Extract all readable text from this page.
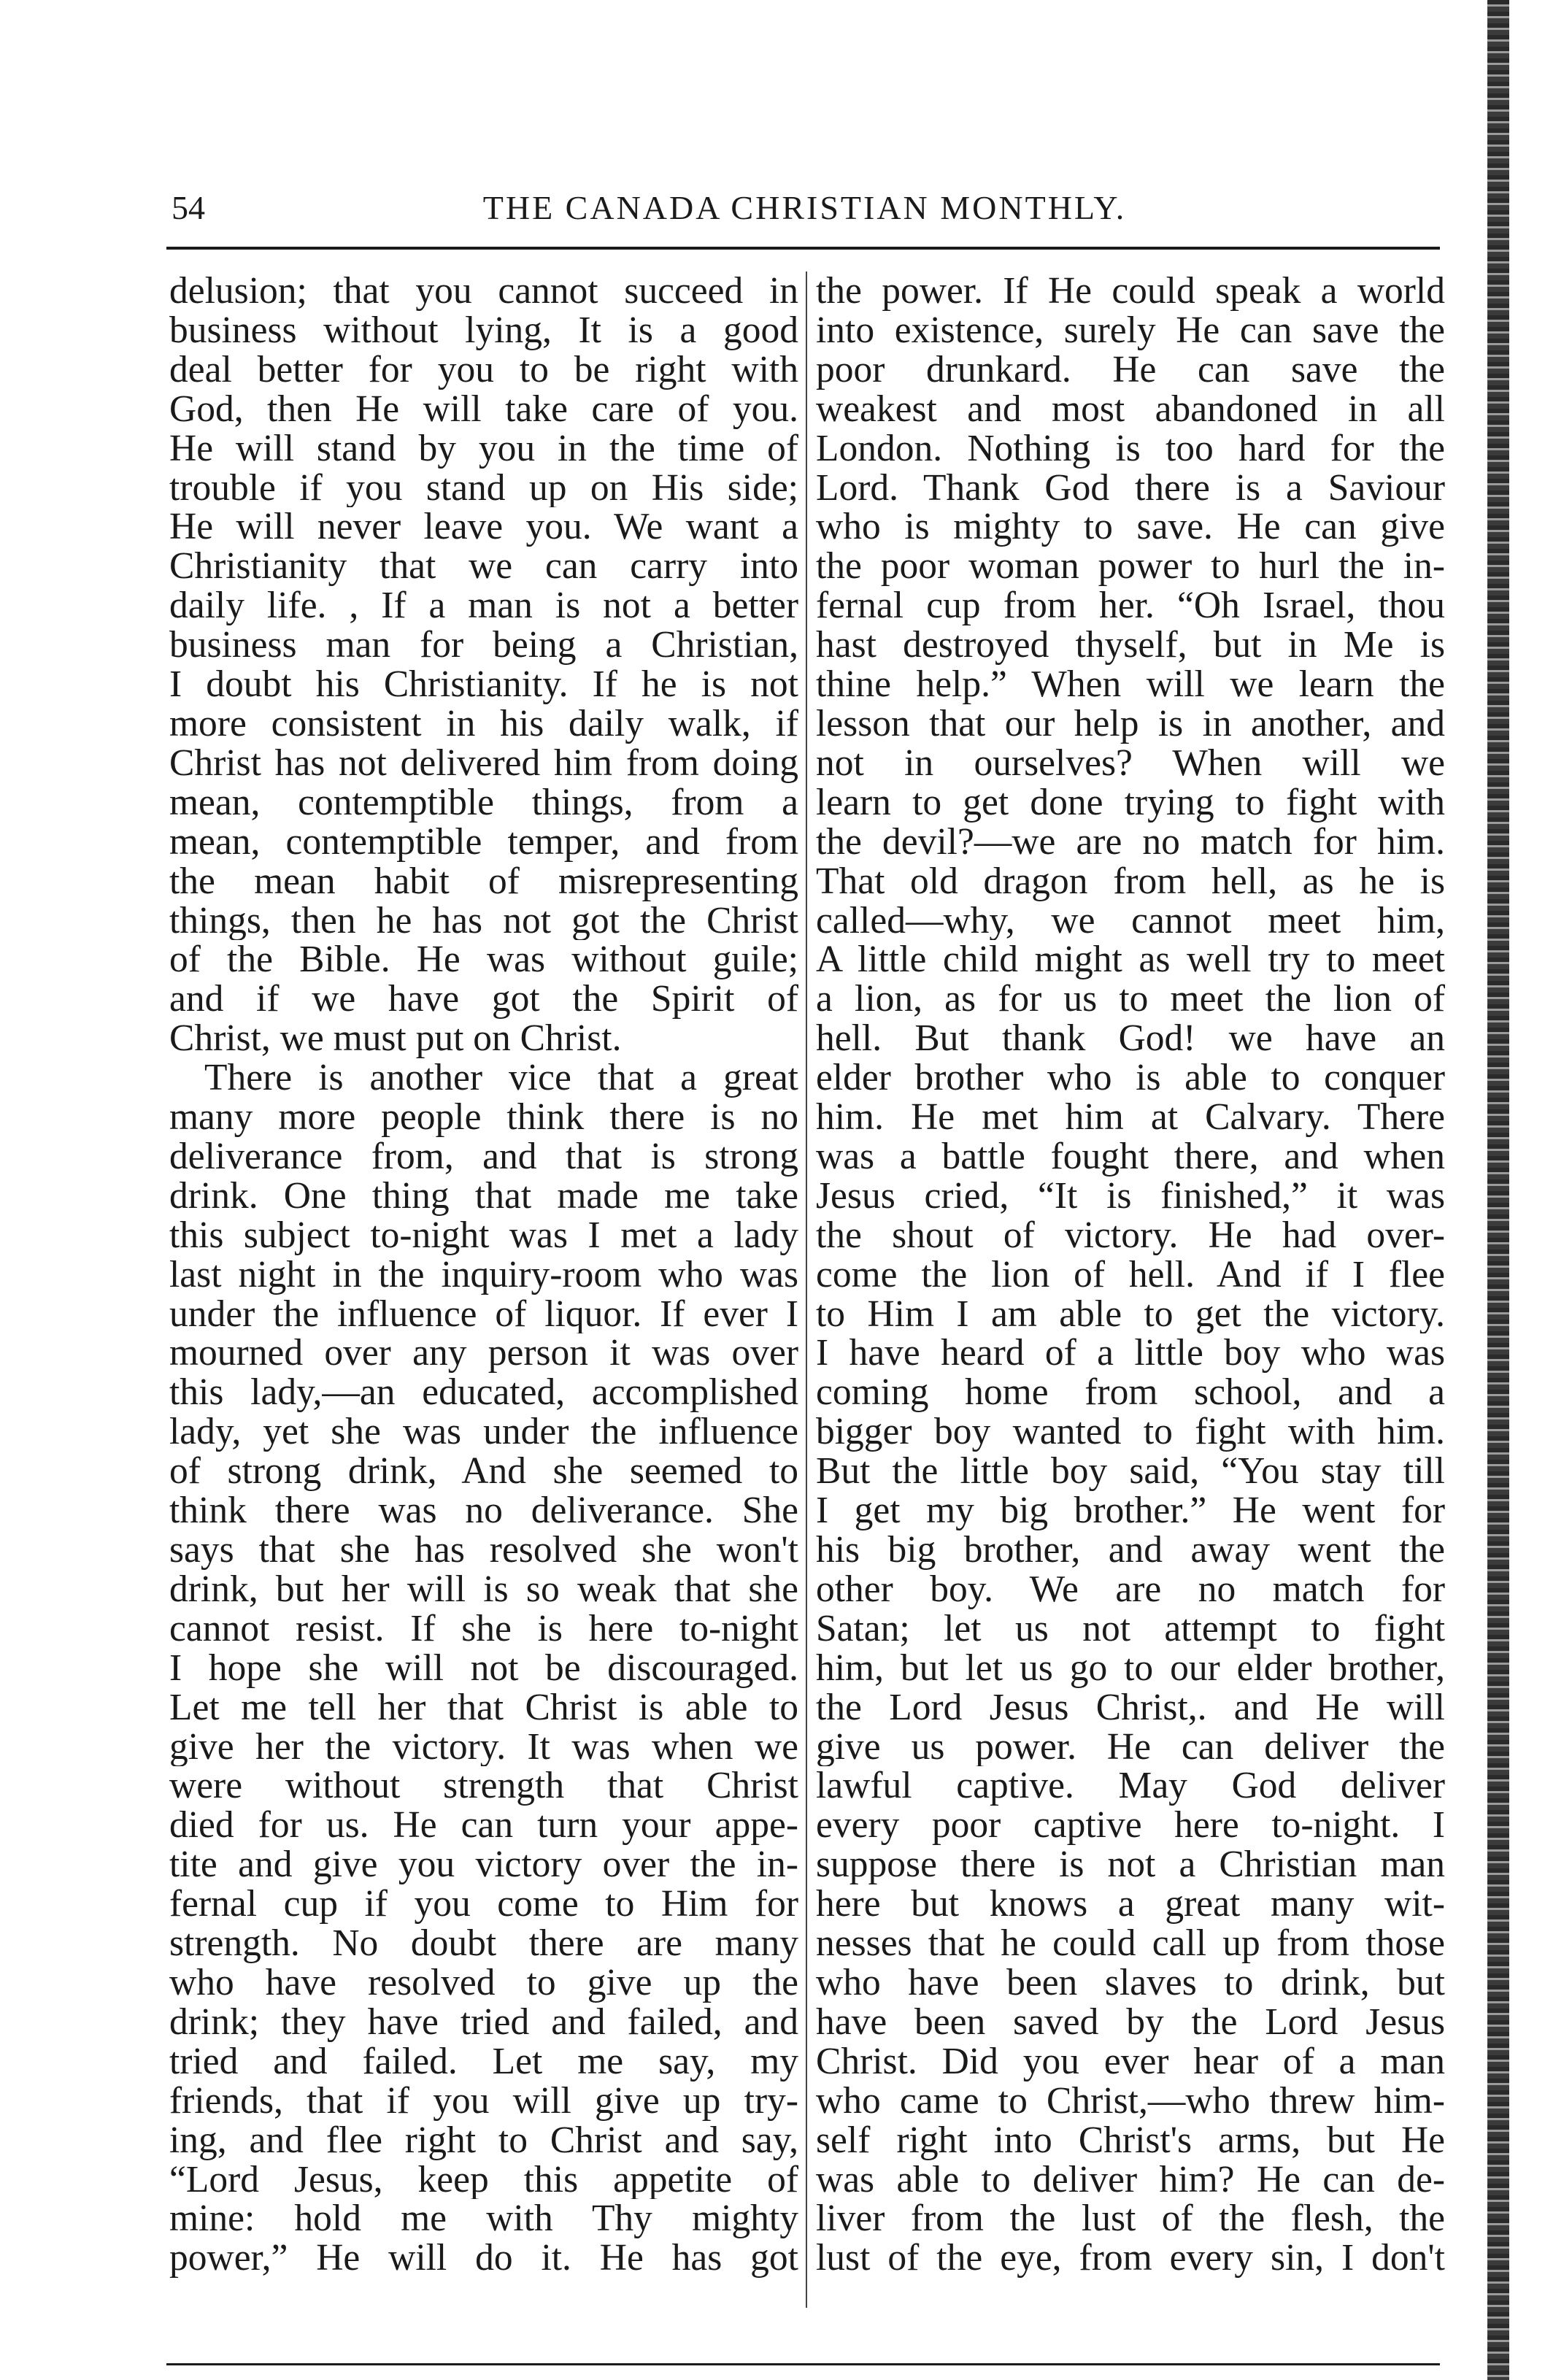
54	THE CANADA CHRISTIAN MONTHLY.

delusion; that you cannot succeed in

business without lying, It is a good

deal better for you to be right with

God, then He will take care of you.

He will stand by you in the time of

trouble if you stand up on His side;

He will never leave you. We want a

Christianity that we can carry into

daily life. , If a man is not a better

business man for being a Christian,

I doubt his Christianity. If he is not

more consistent in his daily walk, if

Christ has not delivered him from doing

mean, contemptible things, from a

mean, contemptible temper, and from

the mean habit of misrepresenting

things, then he has not got the Christ

of the Bible. He was without guile;

and if we have got the Spirit of

Christ, we must put on Christ.

There is another vice that a great

many more people think there is no

deliverance from, and that is strong

drink. One thing that made me take

this subject to-night was I met a lady

last night in the inquiry-room who was

under the influence of liquor. If ever I

mourned over any person it was over

this lady,—an educated, accomplished

lady, yet she was under the influence

of strong drink, And she seemed to

think there was no deliverance. She

says that she has resolved she won't

drink, but her will is so weak that she

cannot resist. If she is here to-night

I hope she will not be discouraged.

Let me tell her that Christ is able to

give her the victory. It was when we

were without strength that Christ

died for us. He can turn your appe-

tite and give you victory over the in-

fernal cup if you come to Him for

strength. No doubt there are many

who have resolved to give up the

drink; they have tried and failed, and

tried and failed. Let me say, my

friends, that if you will give up try-

ing, and flee right to Christ and say,

“Lord Jesus, keep this appetite of

mine: hold me with Thy mighty

power,” He will do it. He has got

the power. If He could speak a world

into existence, surely He can save the

poor drunkard. He can save the

weakest and most abandoned in all

London. Nothing is too hard for the

Lord. Thank God there is a Saviour

who is mighty to save. He can give

the poor woman power to hurl the in-

fernal cup from her. “Oh Israel, thou

hast destroyed thyself, but in Me is

thine help.” When will we learn the

lesson that our help is in another, and

not in ourselves? When will we

learn to get done trying to fight with

the devil?—we are no match for him.

That old dragon from hell, as he is

called—why, we cannot meet him,

A little child might as well try to meet

a lion, as for us to meet the lion of

hell. But thank God! we have an

elder brother who is able to conquer

him. He met him at Calvary. There

was a battle fought there, and when

Jesus cried, “It is finished,” it was

the shout of victory. He had over-

come the lion of hell. And if I flee

to Him I am able to get the victory.

I have heard of a little boy who was

coming home from school, and a

bigger boy wanted to fight with him.

But the little boy said, “You stay till

I get my big brother.” He went for

his big brother, and away went the

other boy. We are no match for

Satan; let us not attempt to fight

him, but let us go to our elder brother,

the Lord Jesus Christ,. and He will

give us power. He can deliver the

lawful captive. May God deliver

every poor captive here to-night. I

suppose there is not a Christian man

here but knows a great many wit-

nesses that he could call up from those

who have been slaves to drink, but

have been saved by the Lord Jesus

Christ. Did you ever hear of a man

who came to Christ,—who threw him-

self right into Christ's arms, but He

was able to deliver him? He can de-

liver from the lust of the flesh, the

lust of the eye, from every sin, I don't
